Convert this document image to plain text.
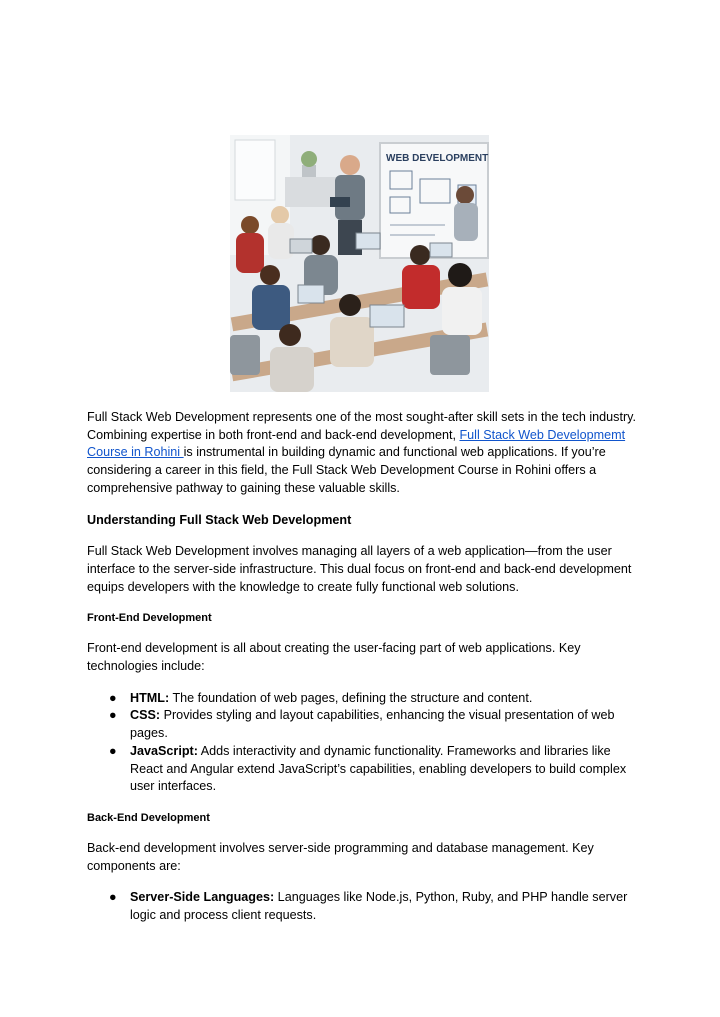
WEB DEVELOPMENT

Full Stack Web Development represents one of the most sought-after skill sets in the tech industry. Combining expertise in both front-end and back-end development, Full Stack Web Developmemt Course in Rohini is instrumental in building dynamic and functional web applications. If you’re considering a career in this field, the Full Stack Web Development Course in Rohini offers a comprehensive pathway to gaining these valuable skills.

Understanding Full Stack Web Development

Full Stack Web Development involves managing all layers of a web application—from the user interface to the server-side infrastructure. This dual focus on front-end and back-end development equips developers with the knowledge to create fully functional web solutions.

Front-End Development

Front-end development is all about creating the user-facing part of web applications. Key technologies include:

● HTML: The foundation of web pages, defining the structure and content.
● CSS: Provides styling and layout capabilities, enhancing the visual presentation of web pages.
● JavaScript: Adds interactivity and dynamic functionality. Frameworks and libraries like React and Angular extend JavaScript’s capabilities, enabling developers to build complex user interfaces.
Back-End Development

Back-end development involves server-side programming and database management. Key components are:

● Server-Side Languages: Languages like Node.js, Python, Ruby, and PHP handle server logic and process client requests.
